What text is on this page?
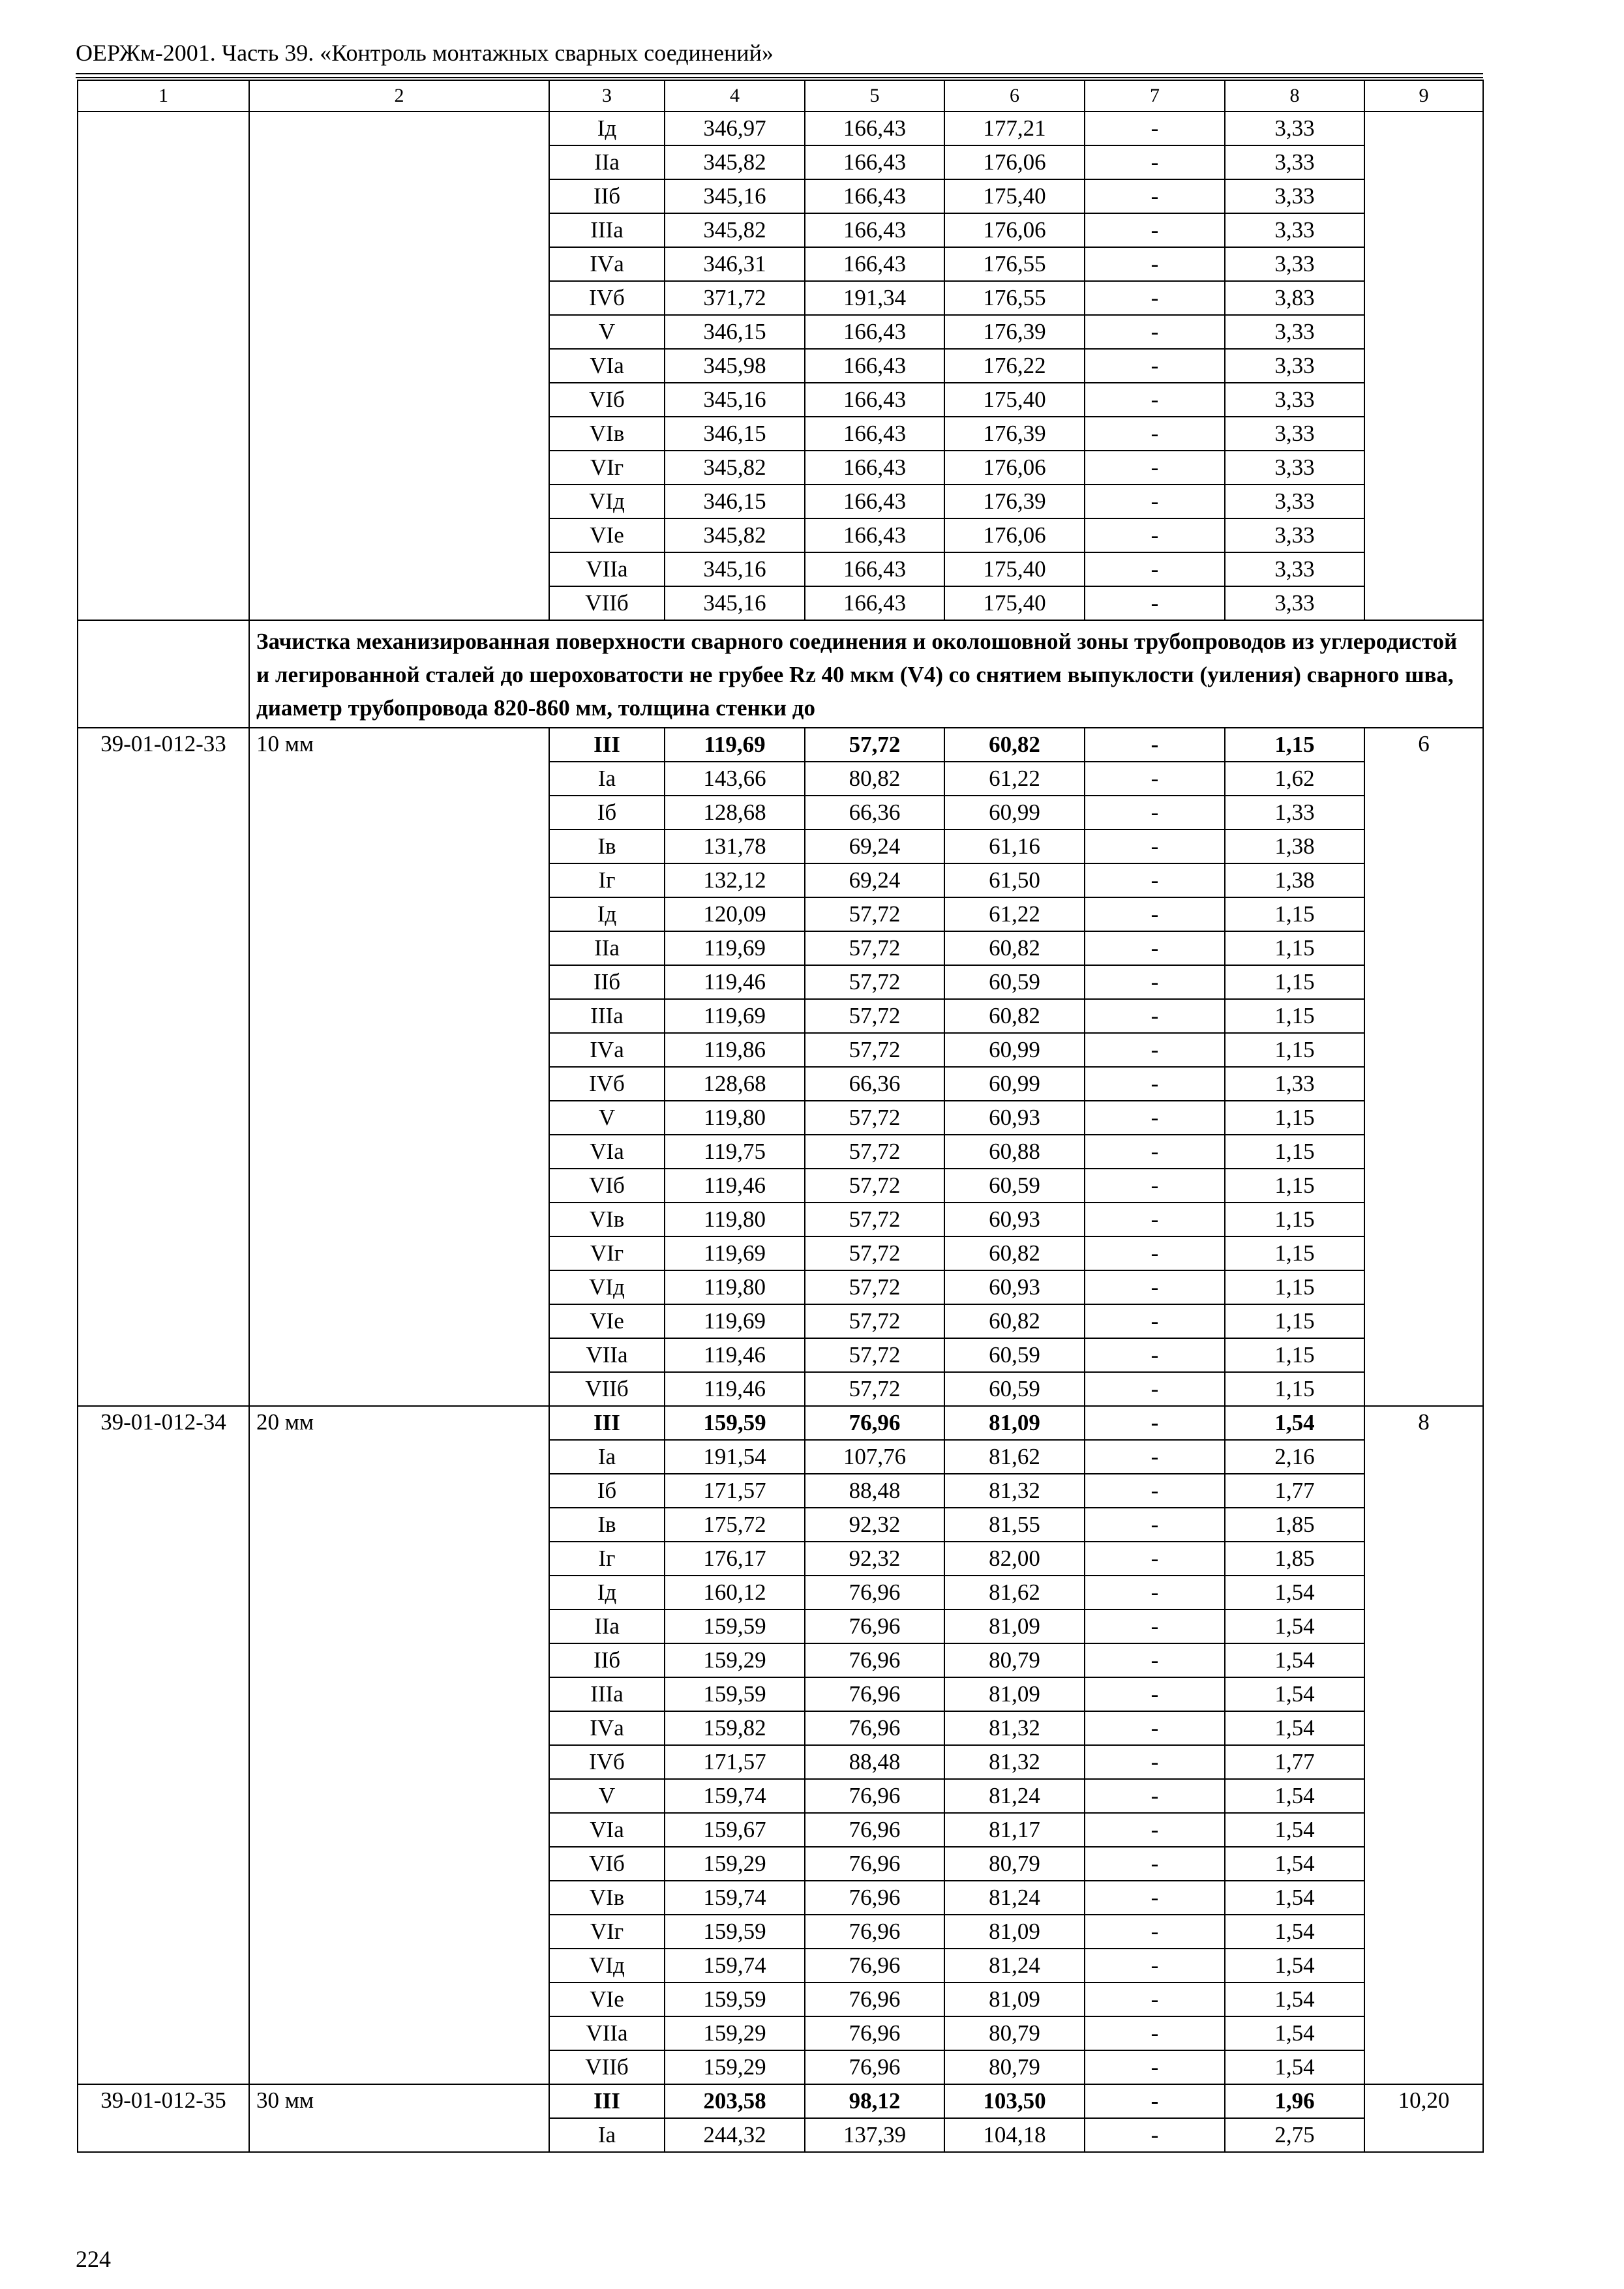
ОЕРЖм-2001. Часть 39. «Контроль монтажных сварных соединений»
1	2	3	4	5	6	7	8	9
		Iд	346,97	166,43	177,21	-	3,33	
		IIа	345,82	166,43	176,06	-	3,33	
		IIб	345,16	166,43	175,40	-	3,33	
		IIIа	345,82	166,43	176,06	-	3,33	
		IVа	346,31	166,43	176,55	-	3,33	
		IVб	371,72	191,34	176,55	-	3,83	
		V	346,15	166,43	176,39	-	3,33	
		VIа	345,98	166,43	176,22	-	3,33	
		VIб	345,16	166,43	175,40	-	3,33	
		VIв	346,15	166,43	176,39	-	3,33	
		VIг	345,82	166,43	176,06	-	3,33	
		VIд	346,15	166,43	176,39	-	3,33	
		VIе	345,82	166,43	176,06	-	3,33	
		VIIа	345,16	166,43	175,40	-	3,33	
		VIIб	345,16	166,43	175,40	-	3,33	
	Зачистка механизированная поверхности сварного соединения и околошовной зоны трубопроводов из углеродистой и легированной сталей до шероховатости не грубее Rz 40 мкм (V4) со снятием выпуклости (уиления) сварного шва, диаметр трубопровода 820-860 мм, толщина стенки до							
39-01-012-33	10 мм	III	119,69	57,72	60,82	-	1,15	6
		Iа	143,66	80,82	61,22	-	1,62	
		Iб	128,68	66,36	60,99	-	1,33	
		Iв	131,78	69,24	61,16	-	1,38	
		Iг	132,12	69,24	61,50	-	1,38	
		Iд	120,09	57,72	61,22	-	1,15	
		IIа	119,69	57,72	60,82	-	1,15	
		IIб	119,46	57,72	60,59	-	1,15	
		IIIа	119,69	57,72	60,82	-	1,15	
		IVа	119,86	57,72	60,99	-	1,15	
		IVб	128,68	66,36	60,99	-	1,33	
		V	119,80	57,72	60,93	-	1,15	
		VIа	119,75	57,72	60,88	-	1,15	
		VIб	119,46	57,72	60,59	-	1,15	
		VIв	119,80	57,72	60,93	-	1,15	
		VIг	119,69	57,72	60,82	-	1,15	
		VIд	119,80	57,72	60,93	-	1,15	
		VIе	119,69	57,72	60,82	-	1,15	
		VIIа	119,46	57,72	60,59	-	1,15	
		VIIб	119,46	57,72	60,59	-	1,15	
39-01-012-34	20 мм	III	159,59	76,96	81,09	-	1,54	8
		Iа	191,54	107,76	81,62	-	2,16	
		Iб	171,57	88,48	81,32	-	1,77	
		Iв	175,72	92,32	81,55	-	1,85	
		Iг	176,17	92,32	82,00	-	1,85	
		Iд	160,12	76,96	81,62	-	1,54	
		IIа	159,59	76,96	81,09	-	1,54	
		IIб	159,29	76,96	80,79	-	1,54	
		IIIа	159,59	76,96	81,09	-	1,54	
		IVа	159,82	76,96	81,32	-	1,54	
		IVб	171,57	88,48	81,32	-	1,77	
		V	159,74	76,96	81,24	-	1,54	
		VIа	159,67	76,96	81,17	-	1,54	
		VIб	159,29	76,96	80,79	-	1,54	
		VIв	159,74	76,96	81,24	-	1,54	
		VIг	159,59	76,96	81,09	-	1,54	
		VIд	159,74	76,96	81,24	-	1,54	
		VIе	159,59	76,96	81,09	-	1,54	
		VIIа	159,29	76,96	80,79	-	1,54	
		VIIб	159,29	76,96	80,79	-	1,54	
39-01-012-35	30 мм	III	203,58	98,12	103,50	-	1,96	10,20
		Iа	244,32	137,39	104,18	-	2,75	
224
